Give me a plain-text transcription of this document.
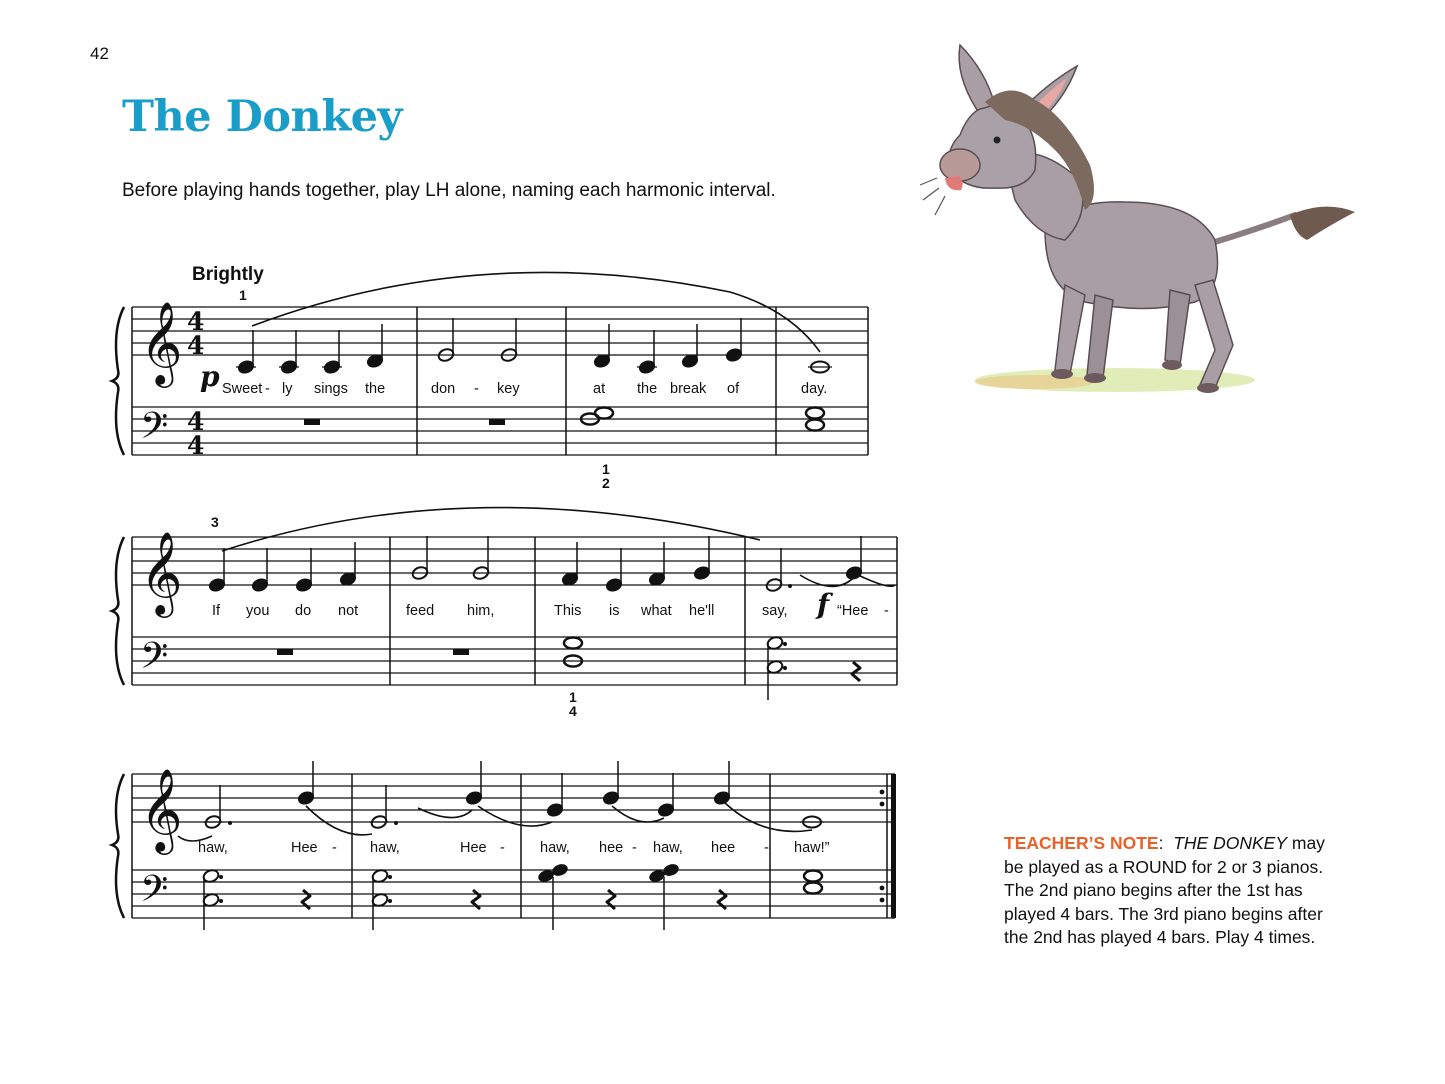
42
The Donkey
Before playing hands together, play LH alone, naming each harmonic interval.
Brightly
𝄞
𝄞
𝄞
𝄢
𝄢
𝄢
4
4
4
4
p
f
1
1
2
3
1
4
Sweet - ly sings the	don - key	at the break of	day.
If you do not	feed him,	This is what he'll	say,	“Hee -
haw,	Hee - haw,	Hee - haw, hee - haw, hee - haw!”	TEACHER’S NOTE: THE DONKEY may be played as a ROUND for 2 or 3 pianos. The 2nd piano begins after the 1st has played 4 bars. The 3rd piano begins after the 2nd has played 4 bars. Play 4 times.
